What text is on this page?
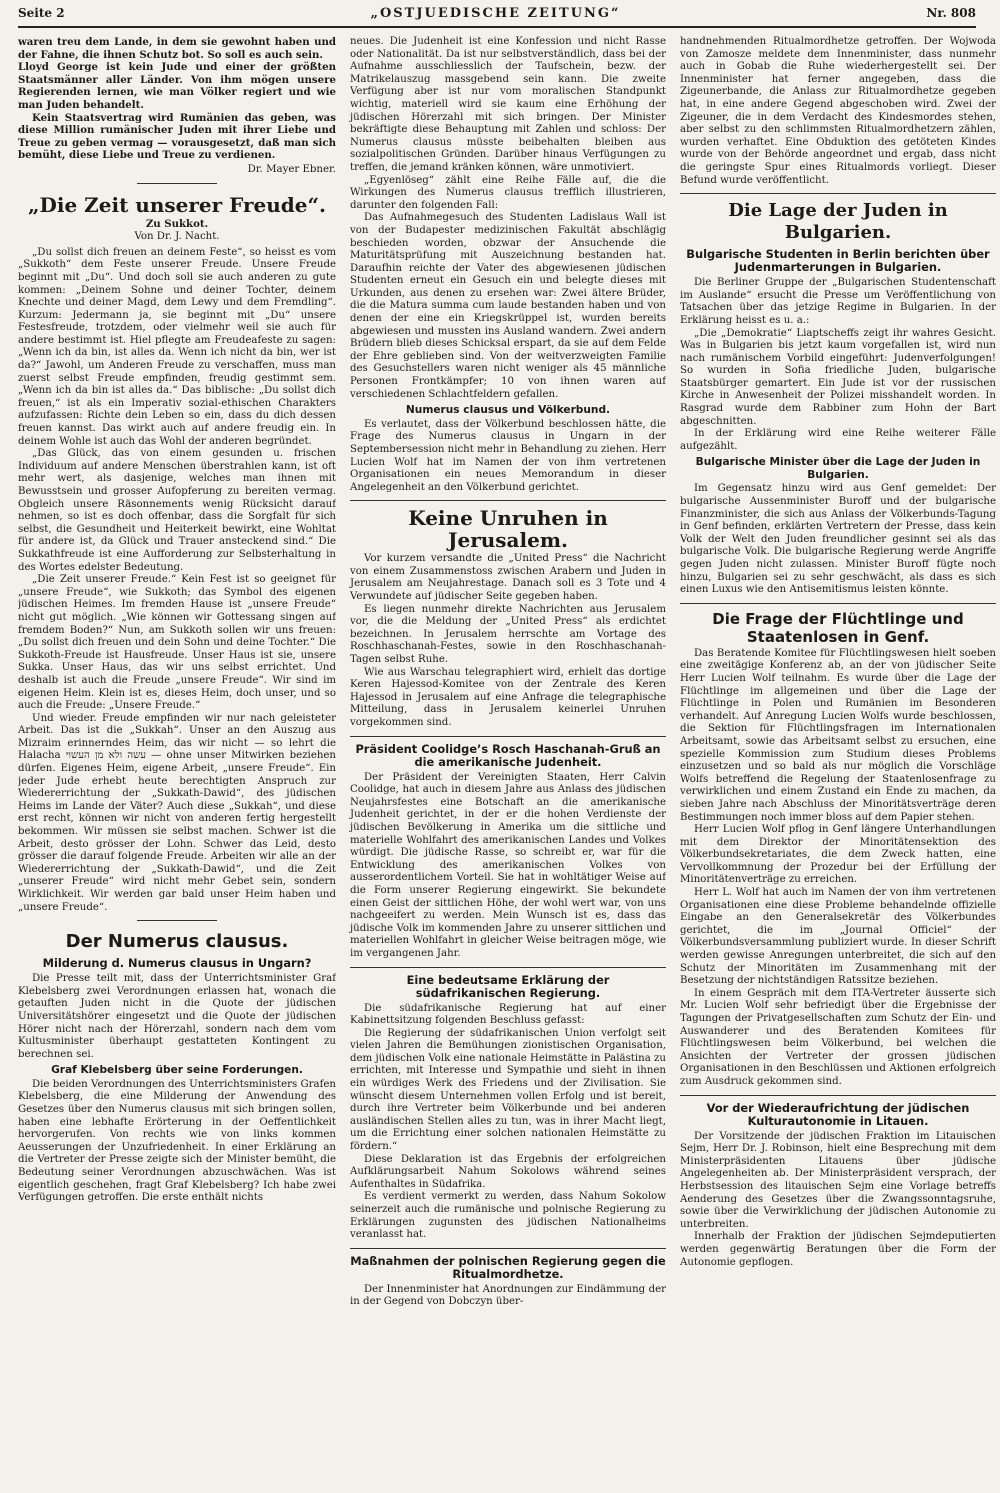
Seite 2	„OSTJUEDISCHE ZEITUNG“	Nr. 808

waren treu dem Lande, in dem sie gewohnt haben und der Fahne, die ihnen Schutz bot. So soll es auch sein.

Lloyd George ist kein Jude und einer der größten Staatsmänner aller Länder. Von ihm mögen unsere Regierenden lernen, wie man Völker regiert und wie man Juden behandelt.

Kein Staatsvertrag wird Rumänien das geben, was diese Million rumänischer Juden mit ihrer Liebe und Treue zu geben vermag — vorausgesetzt, daß man sich bemüht, diese Liebe und Treue zu verdienen.

Dr. Mayer Ebner.
„Die Zeit unserer Freude“.
Zu Sukkot.
Von Dr. J. Nacht.

„Du sollst dich freuen an deinem Feste“, so heisst es vom „Sukkoth“ dem Feste unserer Freude. Unsere Freude beginnt mit „Du“. Und doch soll sie auch anderen zu gute kommen: „Deinem Sohne und deiner Tochter, deinem Knechte und deiner Magd, dem Lewy und dem Fremdling“. Kurzum: Jedermann ja, sie beginnt mit „Du“ unsere Festesfreude, trotzdem, oder vielmehr weil sie auch für andere bestimmt ist. Hiel pflegte am Freudeafeste zu sagen: „Wenn ich da bin, ist alles da. Wenn ich nicht da bin, wer ist da?“ Jawohl, um Anderen Freude zu verschaffen, muss man zuerst selbst Freude empfinden, freudig gestimmt sem. „Wenn ich da bin ist alles da.“ Das biblische: „Du sollst dich freuen,“ ist als ein Imperativ sozial-ethischen Charakters aufzufassen: Richte dein Leben so ein, dass du dich dessen freuen kannst. Das wirkt auch auf andere freudig ein. In deinem Wohle ist auch das Wohl der anderen begründet.

„Das Glück, das von einem gesunden u. frischen Individuum auf andere Menschen überstrahlen kann, ist oft mehr wert, als dasjenige, welches man ihnen mit Bewusstsein und grosser Aufopferung zu bereiten vermag. Obgleich unsere Räsonnements wenig Rücksicht darauf nehmen, so ist es doch offenbar, dass die Sorgfalt für sich selbst, die Gesundheit und Heiterkeit bewirkt, eine Wohltat für andere ist, da Glück und Trauer ansteckend sind.“ Die Sukkathfreude ist eine Aufforderung zur Selbsterhaltung in des Wortes edelster Bedeutung.

„Die Zeit unserer Freude.“ Kein Fest ist so geeignet für „unsere Freude“, wie Sukkoth; das Symbol des eigenen jüdischen Heimes. Im fremden Hause ist „unsere Freude“ nicht gut möglich. „Wie können wir Gottessang singen auf fremdem Boden?“ Nun, am Sukkoth sollen wir uns freuen: „Du sollst dich freuen und dein Sohn und deine Tochter.“ Die Sukkoth-Freude ist Hausfreude. Unser Haus ist sie, unsere Sukka. Unser Haus, das wir uns selbst errichtet. Und deshalb ist auch die Freude „unsere Freude“. Wir sind im eigenen Heim. Klein ist es, dieses Heim, doch unser, und so auch die Freude: „Unsere Freude.“

Und wieder. Freude empfinden wir nur nach geleisteter Arbeit. Das ist die „Sukkah“. Unser an den Auszug aus Mizraim erinnerndes Heim, das wir nicht — so lehrt die Halacha עשה ולא מן העשוי — ohne unser Mitwirken beziehen dürfen. Eigenes Heim, eigene Arbeit, „unsere Freude“. Ein jeder Jude erhebt heute berechtigten Anspruch zur Wiedererrichtung der „Sukkath-Dawid“, des jüdischen Heims im Lande der Väter? Auch diese „Sukkah“, und diese erst recht, können wir nicht von anderen fertig hergestellt bekommen. Wir müssen sie selbst machen. Schwer ist die Arbeit, desto grösser der Lohn. Schwer das Leid, desto grösser die darauf folgende Freude. Arbeiten wir alle an der Wiedererrichtung der „Sukkath-Dawid“, und die Zeit „unserer Freude“ wird nicht mehr Gebet sein, sondern Wirklichkeit. Wir werden gar bald unser Heim haben und „unsere Freude“.

Der Numerus clausus.
Milderung d. Numerus clausus in Ungarn?

Die Presse teilt mit, dass der Unterrichtsminister Graf Klebelsberg zwei Verordnungen erlassen hat, wonach die getauften Juden nicht in die Quote der jüdischen Universitätshörer eingesetzt und die Quote der jüdischen Hörer nicht nach der Hörerzahl, sondern nach dem vom Kultusminister überhaupt gestatteten Kontingent zu berechnen sei.

Graf Klebelsberg über seine Forderungen.

Die beiden Verordnungen des Unterrichtsministers Grafen Klebelsberg, die eine Milderung der Anwendung des Gesetzes über den Numerus clausus mit sich bringen sollen, haben eine lebhafte Erörterung in der Oeffentlichkeit hervorgerufen. Von rechts wie von links kommen Aeusserungen der Unzufriedenheit. In einer Erklärung an die Vertreter der Presse zeigte sich der Minister bemüht, die Bedeutung seiner Verordnungen abzuschwächen. Was ist eigentlich geschehen, fragt Graf Klebelsberg? Ich habe zwei Verfügungen getroffen. Die erste enthält nichts

neues. Die Judenheit ist eine Konfession und nicht Rasse oder Nationalität. Da ist nur selbstverständlich, dass bei der Aufnahme ausschliesslich der Taufschein, bezw. der Matrikelauszug massgebend sein kann. Die zweite Verfügung aber ist nur vom moralischen Standpunkt wichtig, materiell wird sie kaum eine Erhöhung der jüdischen Hörerzahl mit sich bringen. Der Minister bekräftigte diese Behauptung mit Zahlen und schloss: Der Numerus clausus müsste beibehalten bleiben aus sozialpolitischen Gründen. Darüber hinaus Verfügungen zu treffen, die jemand kränken können, wäre unmotiviert.

„Egyenlöseg“ zählt eine Reihe Fälle auf, die die Wirkungen des Numerus clausus trefflich illustrieren, darunter den folgenden Fall:

Das Aufnahmegesuch des Studenten Ladislaus Wall ist von der Budapester medizinischen Fakultät abschlägig beschieden worden, obzwar der Ansuchende die Maturitätsprüfung mit Auszeichnung bestanden hat. Daraufhin reichte der Vater des abgewiesenen jüdischen Studenten erneut ein Gesuch ein und belegte dieses mit Urkunden, aus denen zu ersehen war: Zwei ältere Brüder, die die Matura summa cum laude bestanden haben und von denen der eine ein Kriegskrüppel ist, wurden bereits abgewiesen und mussten ins Ausland wandern. Zwei andern Brüdern blieb dieses Schicksal erspart, da sie auf dem Felde der Ehre geblieben sind. Von der weitverzweigten Familie des Gesuchstellers waren nicht weniger als 45 männliche Personen Frontkämpfer; 10 von ihnen waren auf verschiedenen Schlachtfeldern gefallen.

Numerus clausus und Völkerbund.

Es verlautet, dass der Völkerbund beschlossen hätte, die Frage des Numerus clausus in Ungarn in der Septembersession nicht mehr in Behandlung zu ziehen. Herr Lucien Wolf hat im Namen der von ihm vertretenen Organisationen ein neues Memorandum in dieser Angelegenheit an den Völkerbund gerichtet.

Keine Unruhen in Jerusalem.

Vor kurzem versandte die „United Press“ die Nachricht von einem Zusammenstoss zwischen Arabern und Juden in Jerusalem am Neujahrestage. Danach soll es 3 Tote und 4 Verwundete auf jüdischer Seite gegeben haben.

Es liegen nunmehr direkte Nachrichten aus Jerusalem vor, die die Meldung der „United Press“ als erdichtet bezeichnen. In Jerusalem herrschte am Vortage des Roschhaschanah-Festes, sowie in den Roschhaschanah-Tagen selbst Ruhe.

Wie aus Warschau telegraphiert wird, erhielt das dortige Keren Hajessod-Komitee von der Zentrale des Keren Hajessod in Jerusalem auf eine Anfrage die telegraphische Mitteilung, dass in Jerusalem keinerlei Unruhen vorgekommen sind.

Präsident Coolidge’s Rosch Haschanah-Gruß an die amerikanische Judenheit.

Der Präsident der Vereinigten Staaten, Herr Calvin Coolidge, hat auch in diesem Jahre aus Anlass des jüdischen Neujahrsfestes eine Botschaft an die amerikanische Judenheit gerichtet, in der er die hohen Verdienste der jüdischen Bevölkerung in Amerika um die sittliche und materielle Wohlfahrt des amerikanischen Landes und Volkes würdigt. Die jüdische Rasse, so schreibt er, war für die Entwicklung des amerikanischen Volkes von ausserordentlichem Vorteil. Sie hat in wohltätiger Weise auf die Form unserer Regierung eingewirkt. Sie bekundete einen Geist der sittlichen Höhe, der wohl wert war, von uns nachgeeifert zu werden. Mein Wunsch ist es, dass das jüdische Volk im kommenden Jahre zu unserer sittlichen und materiellen Wohlfahrt in gleicher Weise beitragen möge, wie im vergangenen Jahr.

Eine bedeutsame Erklärung der südafrikanischen Regierung.

Die südafrikanische Regierung hat auf einer Kabinettsitzung folgenden Beschluss gefasst:

Die Regierung der südafrikanischen Union verfolgt seit vielen Jahren die Bemühungen zionistischen Organisation, dem jüdischen Volk eine nationale Heimstätte in Palästina zu errichten, mit Interesse und Sympathie und sieht in ihnen ein würdiges Werk des Friedens und der Zivilisation. Sie wünscht diesem Unternehmen vollen Erfolg und ist bereit, durch ihre Vertreter beim Völkerbunde und bei anderen ausländischen Stellen alles zu tun, was in ihrer Macht liegt, um die Errichtung einer solchen nationalen Heimstätte zu fördern.“

Diese Deklaration ist das Ergebnis der erfolgreichen Aufklärungsarbeit Nahum Sokolows während seines Aufenthaltes in Südafrika.

Es verdient vermerkt zu werden, dass Nahum Sokolow seinerzeit auch die rumänische und polnische Regierung zu Erklärungen zugunsten des jüdischen Nationalheims veranlasst hat.

Maßnahmen der polnischen Regierung gegen die Ritualmordhetze.

Der Innenminister hat Anordnungen zur Eindämmung der in der Gegend von Dobczyn über-

handnehmenden Ritualmordhetze getroffen. Der Wojwoda von Zamosze meldete dem Innenminister, dass nunmehr auch in Gobab die Ruhe wiederhergestellt sei. Der Innenminister hat ferner angegeben, dass die Zigeunerbande, die Anlass zur Ritualmordhetze gegeben hat, in eine andere Gegend abgeschoben wird. Zwei der Zigeuner, die in dem Verdacht des Kindesmordes stehen, aber selbst zu den schlimmsten Ritualmordhetzern zählen, wurden verhaftet. Eine Obduktion des getöteten Kindes wurde von der Behörde angeordnet und ergab, dass nicht die geringste Spur eines Ritualmords vorliegt. Dieser Befund wurde veröffentlicht.

Die Lage der Juden in Bulgarien.
Bulgarische Studenten in Berlin berichten über Judenmarterungen in Bulgarien.

Die Berliner Gruppe der „Bulgarischen Studentenschaft im Auslande“ ersucht die Presse um Veröffentlichung von Tatsachen über das jetzige Regime in Bulgarien. In der Erklärung heisst es u. a.:

„Die „Demokratie“ Liaptscheffs zeigt ihr wahres Gesicht. Was in Bulgarien bis jetzt kaum vorgefallen ist, wird nun nach rumänischem Vorbild eingeführt: Judenverfolgungen! So wurden in Sofia friedliche Juden, bulgarische Staatsbürger gemartert. Ein Jude ist vor der russischen Kirche in Anwesenheit der Polizei misshandelt worden. In Rasgrad wurde dem Rabbiner zum Hohn der Bart abgeschnitten.

In der Erklärung wird eine Reihe weiterer Fälle aufgezählt.

Bulgarische Minister über die Lage der Juden in Bulgarien.

Im Gegensatz hinzu wird aus Genf gemeldet: Der bulgarische Aussenminister Buroff und der bulgarische Finanzminister, die sich aus Anlass der Völkerbunds-Tagung in Genf befinden, erklärten Vertretern der Presse, dass kein Volk der Welt den Juden freundlicher gesinnt sei als das bulgarische Volk. Die bulgarische Regierung werde Angriffe gegen Juden nicht zulassen. Minister Buroff fügte noch hinzu, Bulgarien sei zu sehr geschwächt, als dass es sich einen Luxus wie den Antisemitismus leisten könnte.

Die Frage der Flüchtlinge und Staatenlosen in Genf.

Das Beratende Komitee für Flüchtlingswesen hielt soeben eine zweitägige Konferenz ab, an der von jüdischer Seite Herr Lucien Wolf teilnahm. Es wurde über die Lage der Flüchtlinge im allgemeinen und über die Lage der Flüchtlinge in Polen und Rumänien im Besonderen verhandelt. Auf Anregung Lucien Wolfs wurde beschlossen, die Sektion für Flüchtlingsfragen im Internationalen Arbeitsamt, sowie das Arbeitsamt selbst zu ersuchen, eine spezielle Kommission zum Studium dieses Problems einzusetzen und so bald als nur möglich die Vorschläge Wolfs betreffend die Regelung der Staatenlosenfrage zu verwirklichen und einem Zustand ein Ende zu machen, da sieben Jahre nach Abschluss der Minoritätsverträge deren Bestimmungen noch immer bloss auf dem Papier stehen.

Herr Lucien Wolf pflog in Genf längere Unterhandlungen mit dem Direktor der Minoritätensektion des Völkerbundsekretariates, die dem Zweck hatten, eine Vervollkommnung der Prozedur bei der Erfüllung der Minoritätenverträge zu erreichen.

Herr L. Wolf hat auch im Namen der von ihm vertretenen Organisationen eine diese Probleme behandelnde offizielle Eingabe an den Generalsekretär des Völkerbundes gerichtet, die im „Journal Officiel“ der Völkerbundsversammlung publiziert wurde. In dieser Schrift werden gewisse Anregungen unterbreitet, die sich auf den Schutz der Minoritäten im Zusammenhang mit der Besetzung der nichtständigen Ratssitze beziehen.

In einem Gespräch mit dem ITA-Vertreter äusserte sich Mr. Lucien Wolf sehr befriedigt über die Ergebnisse der Tagungen der Privatgesellschaften zum Schutz der Ein- und Auswanderer und des Beratenden Komitees für Flüchtlingswesen beim Völkerbund, bei welchen die Ansichten der Vertreter der grossen jüdischen Organisationen in den Beschlüssen und Aktionen erfolgreich zum Ausdruck gekommen sind.

Vor der Wiederaufrichtung der jüdischen Kulturautonomie in Litauen.

Der Vorsitzende der jüdischen Fraktion im Litauischen Sejm, Herr Dr. J. Robinson, hielt eine Besprechung mit dem Ministerpräsidenten Litauens über jüdische Angelegenheiten ab. Der Ministerpräsident versprach, der Herbstsession des litauischen Sejm eine Vorlage betreffs Aenderung des Gesetzes über die Zwangssonntagsruhe, sowie über die Verwirklichung der jüdischen Autonomie zu unterbreiten.

Innerhalb der Fraktion der jüdischen Sejmdeputierten werden gegenwärtig Beratungen über die Form der Autonomie gepflogen.
